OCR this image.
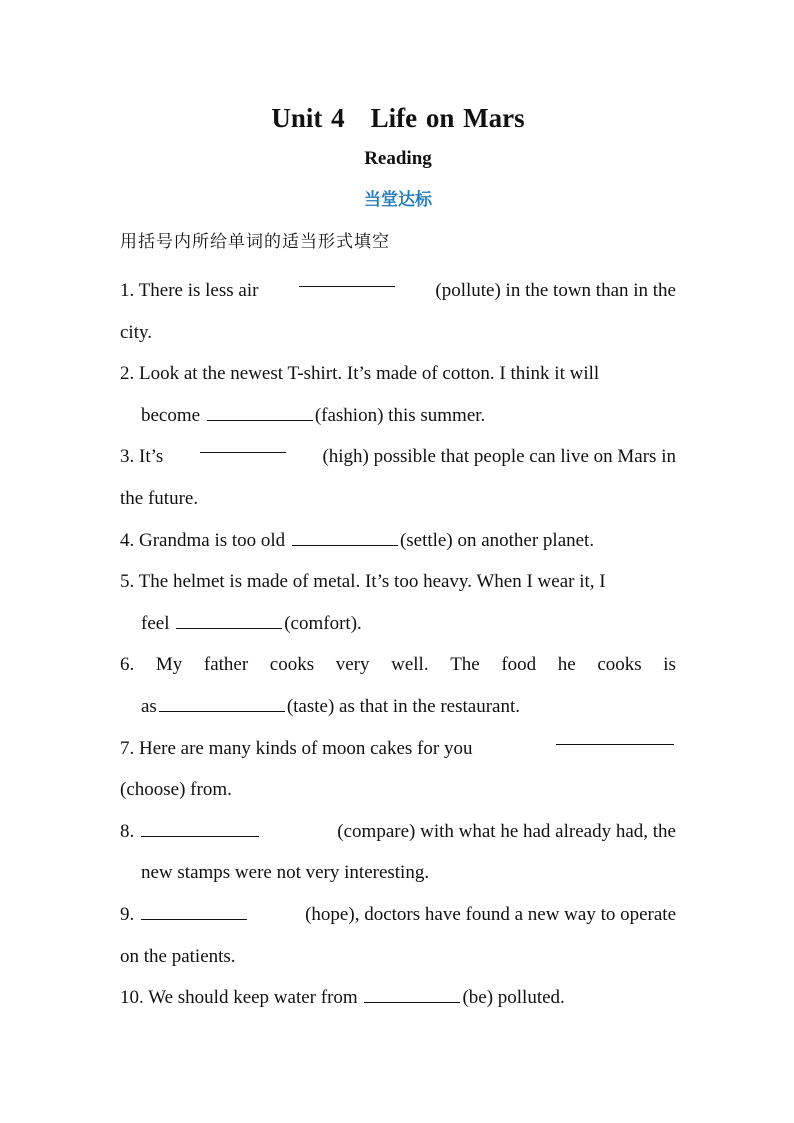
Unit 4 Life on Mars
Reading
当堂达标
用括号内所给单词的适当形式填空
1. There is less air	(pollute) in the town than in the
city.
2. Look at the newest T-shirt. It’s made of cotton. I think it will
become	(fashion) this summer.
3. It’s	(high) possible that people can live on Mars in
the future.
4. Grandma is too old	(settle) on another planet.
5. The helmet is made of metal. It’s too heavy. When I wear it, I
feel	(comfort).
6. My father cooks very well. The food he cooks is
as	(taste) as that in the restaurant.
7. Here are many kinds of moon cakes for you
(choose) from.
8.	(compare) with what he had already had, the
new stamps were not very interesting.
9.	(hope), doctors have found a new way to operate
on the patients.
10. We should keep water from	(be) polluted.
